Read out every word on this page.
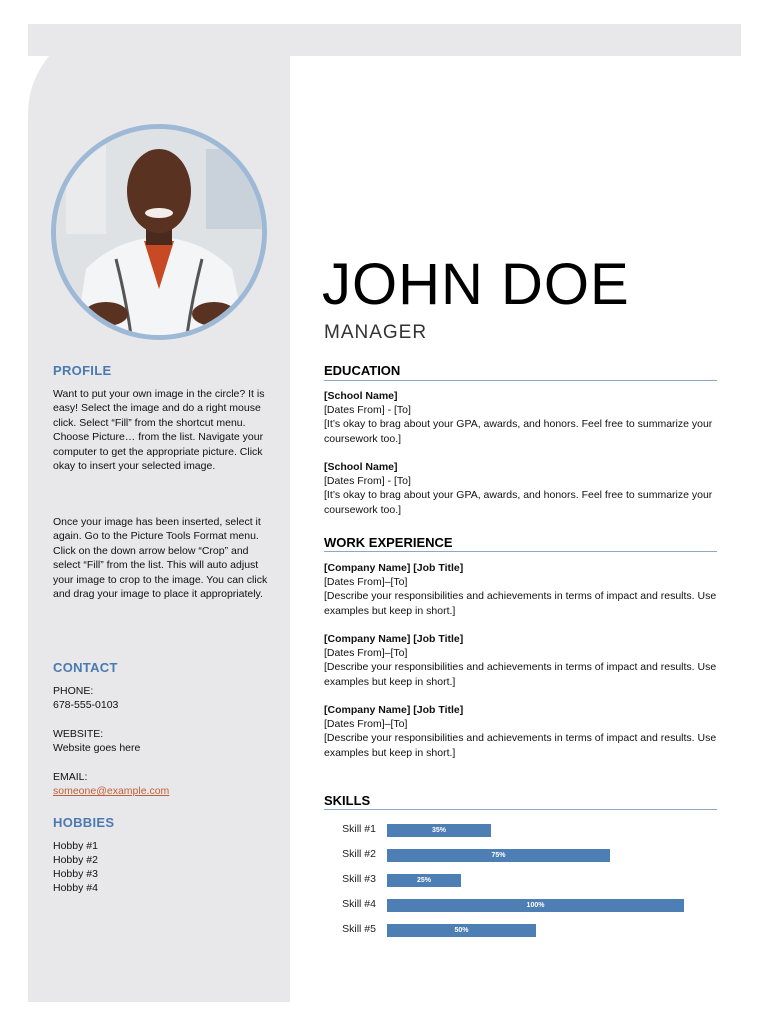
PROFILE
Want to put your own image in the circle? It is easy! Select the image and do a right mouse click. Select “Fill” from the shortcut menu. Choose Picture… from the list. Navigate your computer to get the appropriate picture. Click okay to insert your selected image.
Once your image has been inserted, select it again. Go to the Picture Tools Format menu. Click on the down arrow below “Crop” and select “Fill” from the list. This will auto adjust your image to crop to the image. You can click and drag your image to place it appropriately.
CONTACT
PHONE:
678-555-0103
WEBSITE:
Website goes here
EMAIL:
someone@example.com
HOBBIES
Hobby #1
Hobby #2
Hobby #3
Hobby #4
JOHN DOE
MANAGER
EDUCATION
[School Name]
[Dates From] - [To]
[It’s okay to brag about your GPA, awards, and honors. Feel free to summarize your coursework too.]
[School Name]
[Dates From] - [To]
[It’s okay to brag about your GPA, awards, and honors. Feel free to summarize your coursework too.]
WORK EXPERIENCE
[Company Name] [Job Title]
[Dates From]–[To]
[Describe your responsibilities and achievements in terms of impact and results. Use examples but keep in short.]
[Company Name] [Job Title]
[Dates From]–[To]
[Describe your responsibilities and achievements in terms of impact and results. Use examples but keep in short.]
[Company Name] [Job Title]
[Dates From]–[To]
[Describe your responsibilities and achievements in terms of impact and results. Use examples but keep in short.]
SKILLS
Skill #1	35%
Skill #2	75%
Skill #3	25%
Skill #4	100%
Skill #5	50%
